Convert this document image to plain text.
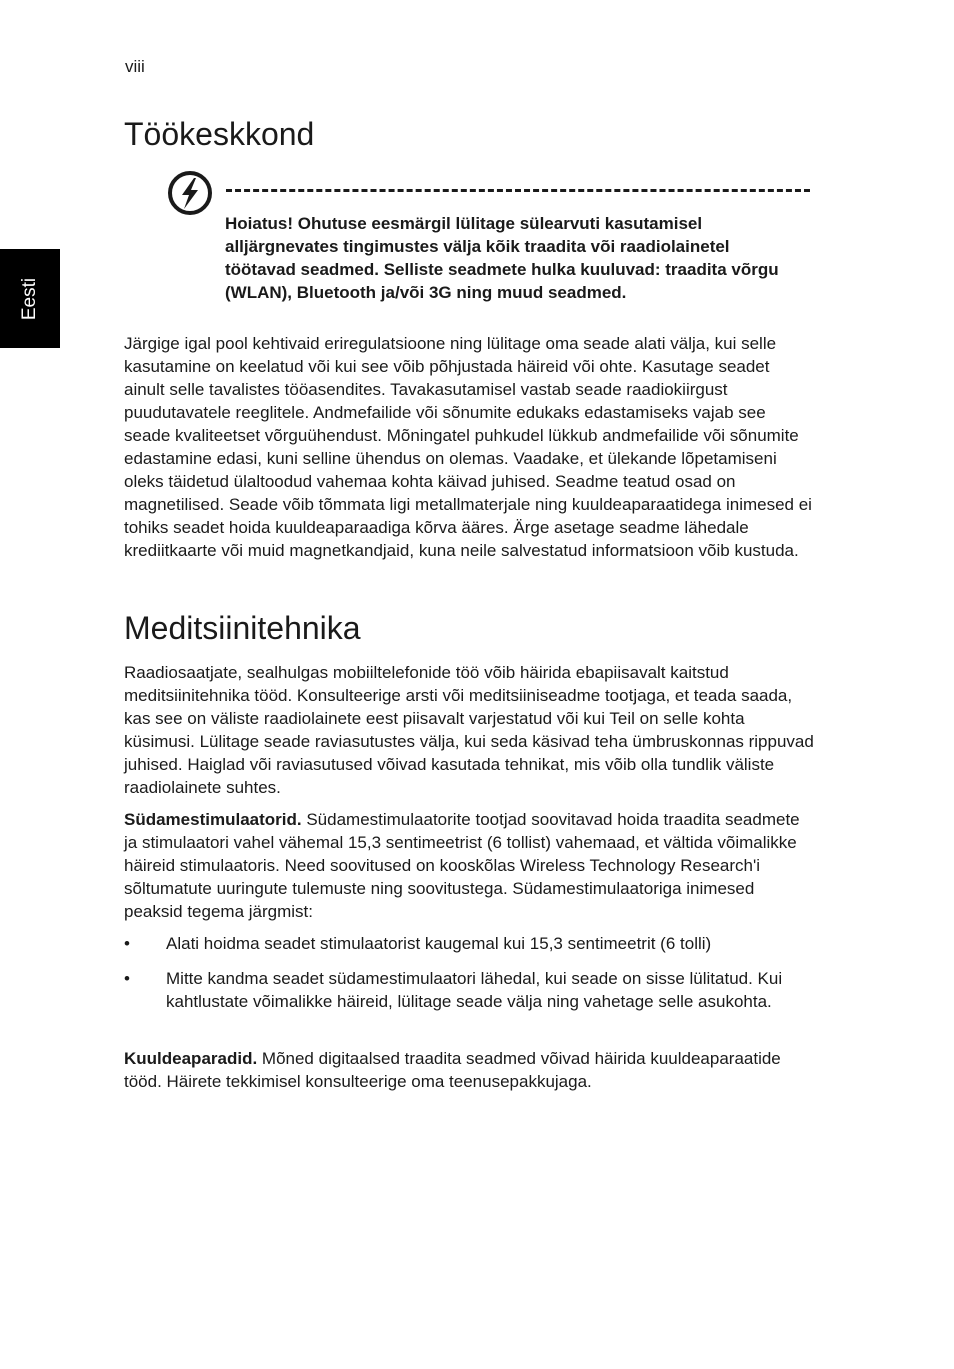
viii
Eesti
Töökeskkond
Hoiatus! Ohutuse eesmärgil lülitage sülearvuti kasutamisel alljärgnevates tingimustes välja kõik traadita või raadiolainetel töötavad seadmed. Selliste seadmete hulka kuuluvad: traadita võrgu (WLAN), Bluetooth ja/või 3G ning muud seadmed.

Järgige igal pool kehtivaid eriregulatsioone ning lülitage oma seade alati välja, kui selle kasutamine on keelatud või kui see võib põhjustada häireid või ohte. Kasutage seadet ainult selle tavalistes tööasendites. Tavakasutamisel vastab seade raadiokiirgust puudutavatele reeglitele. Andmefailide või sõnumite edukaks edastamiseks vajab see seade kvaliteetset võrguühendust. Mõningatel puhkudel lükkub andmefailide või sõnumite edastamine edasi, kuni selline ühendus on olemas. Vaadake, et ülekande lõpetamiseni oleks täidetud ülaltoodud vahemaa kohta käivad juhised. Seadme teatud osad on magnetilised. Seade võib tõmmata ligi metallmaterjale ning kuuldeaparaatidega inimesed ei tohiks seadet hoida kuuldeaparaadiga kõrva ääres. Ärge asetage seadme lähedale krediitkaarte või muid magnetkandjaid, kuna neile salvestatud informatsioon võib kustuda.

Meditsiinitehnika

Raadiosaatjate, sealhulgas mobiiltelefonide töö võib häirida ebapiisavalt kaitstud meditsiinitehnika tööd. Konsulteerige arsti või meditsiiniseadme tootjaga, et teada saada, kas see on väliste raadiolainete eest piisavalt varjestatud või kui Teil on selle kohta küsimusi. Lülitage seade raviasutustes välja, kui seda käsivad teha ümbruskonnas rippuvad juhised. Haiglad või raviasutused võivad kasutada tehnikat, mis võib olla tundlik väliste raadiolainete suhtes.

Südamestimulaatorid. Südamestimulaatorite tootjad soovitavad hoida traadita seadmete ja stimulaatori vahel vähemal 15,3 sentimeetrist (6 tollist) vahemaad, et vältida võimalikke häireid stimulaatoris. Need soovitused on kooskõlas Wireless Technology Research'i sõltumatute uuringute tulemuste ning soovitustega. Südamestimulaatoriga inimesed peaksid tegema järgmist:

•	Alati hoidma seadet stimulaatorist kaugemal kui 15,3 sentimeetrit (6 tolli)
•	Mitte kandma seadet südamestimulaatori lähedal, kui seade on sisse lülitatud. Kui kahtlustate võimalikke häireid, lülitage seade välja ning vahetage selle asukohta.

Kuuldeaparadid. Mõned digitaalsed traadita seadmed võivad häirida kuuldeaparaatide tööd. Häirete tekkimisel konsulteerige oma teenusepakkujaga.
